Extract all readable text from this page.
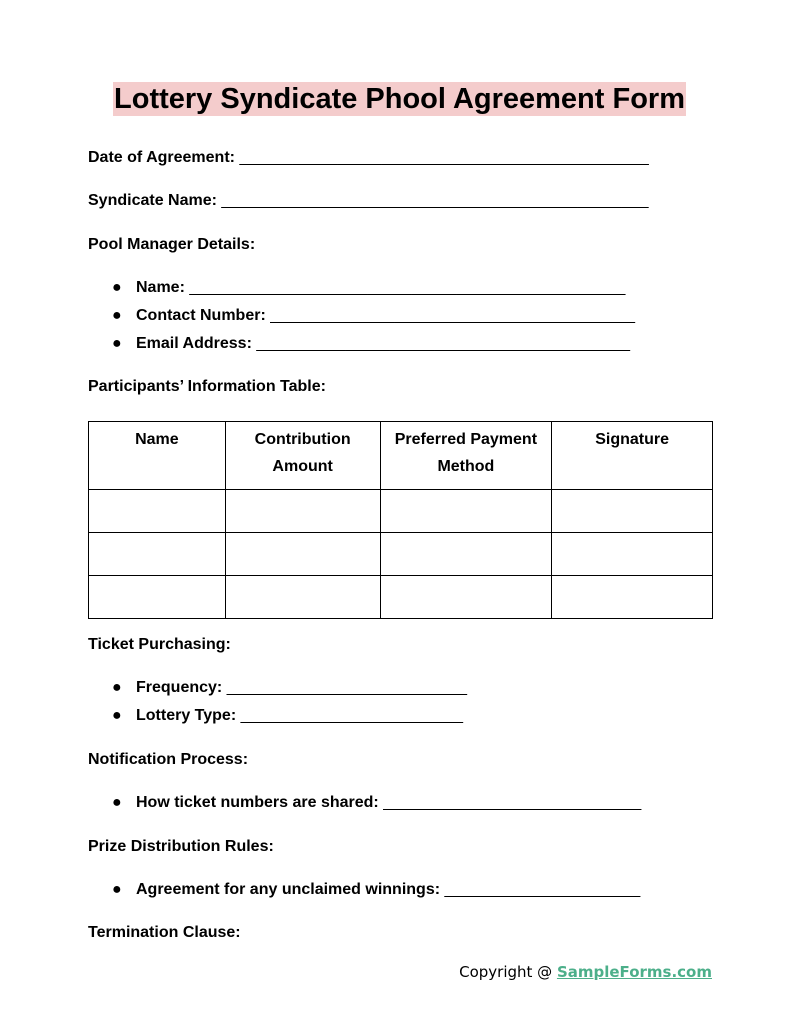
Lottery Syndicate Phool Agreement Form
Date of Agreement: ______________________________________________
Syndicate Name: ________________________________________________
Pool Manager Details:
● Name: _________________________________________________
● Contact Number: _________________________________________
● Email Address: __________________________________________
Participants’ Information Table:
Name	Contribution Amount	Preferred Payment Method	Signature

Ticket Purchasing:
● Frequency: ___________________________
● Lottery Type: _________________________
Notification Process:
● How ticket numbers are shared: _____________________________
Prize Distribution Rules:
● Agreement for any unclaimed winnings: ______________________
Termination Clause:
Copyright @ SampleForms.com
